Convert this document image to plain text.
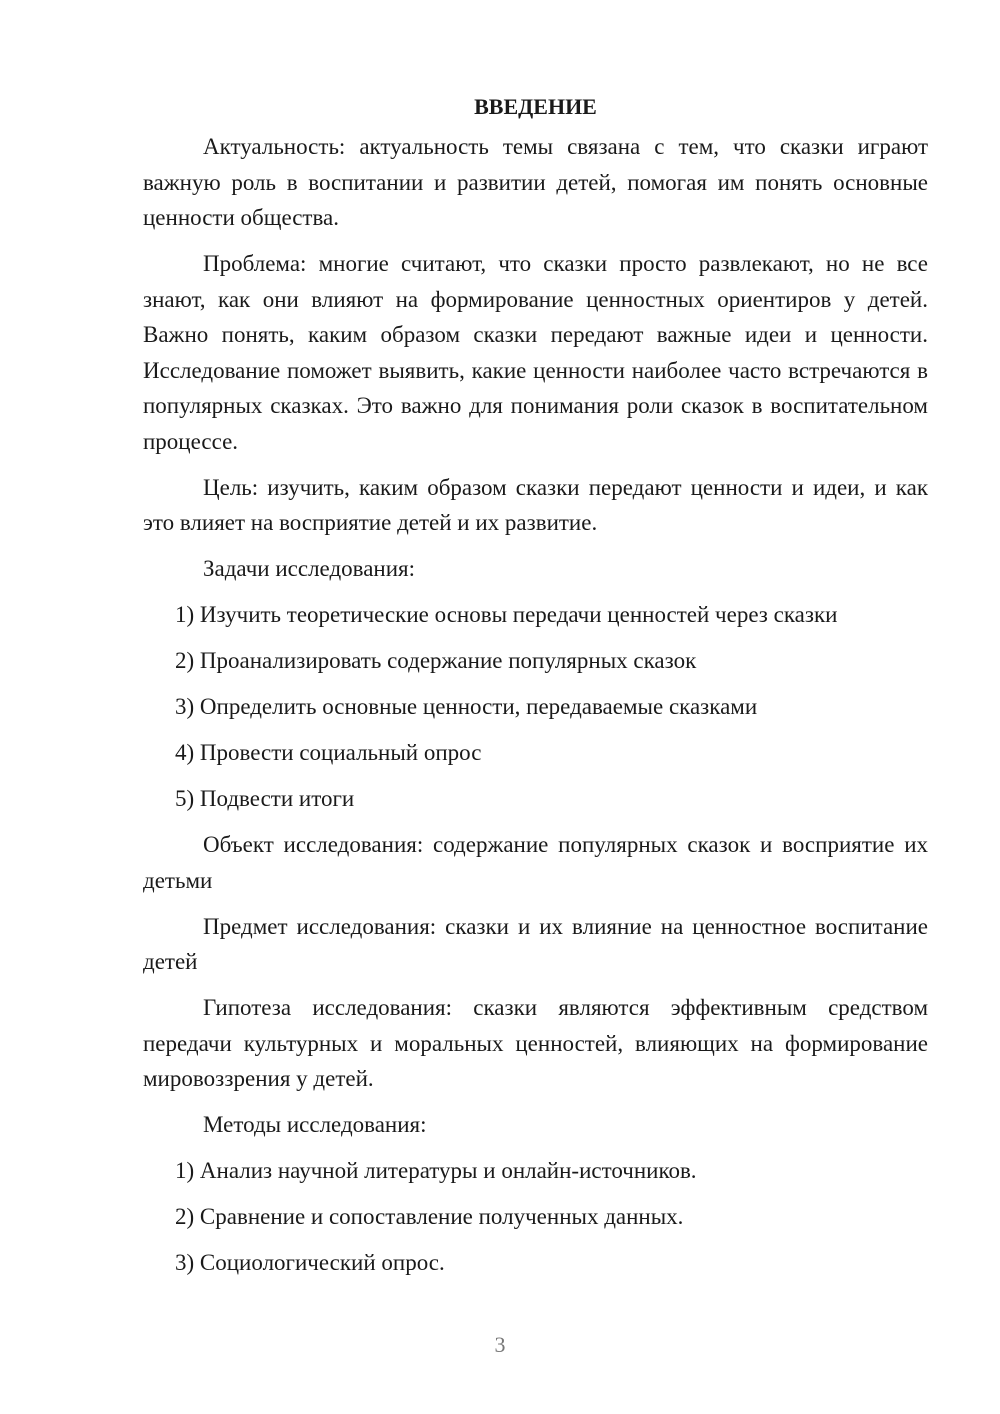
ВВЕДЕНИЕ

Актуальность: актуальность темы связана с тем, что сказки играют важную роль в воспитании и развитии детей, помогая им понять основные ценности общества.

Проблема: многие считают, что сказки просто развлекают, но не все знают, как они влияют на формирование ценностных ориентиров у детей. Важно понять, каким образом сказки передают важные идеи и ценности. Исследование поможет выявить, какие ценности наиболее часто встречаются в популярных сказках. Это важно для понимания роли сказок в воспитательном процессе.

Цель: изучить, каким образом сказки передают ценности и идеи, и как это влияет на восприятие детей и их развитие.

Задачи исследования:

1) Изучить теоретические основы передачи ценностей через сказки

2) Проанализировать содержание популярных сказок

3) Определить основные ценности, передаваемые сказками

4) Провести социальный опрос

5) Подвести итоги

Объект исследования: содержание популярных сказок и восприятие их детьми

Предмет исследования: сказки и их влияние на ценностное воспитание детей

Гипотеза исследования: сказки являются эффективным средством передачи культурных и моральных ценностей, влияющих на формирование мировоззрения у детей.

Методы исследования:

1) Анализ научной литературы и онлайн-источников.

2) Сравнение и сопоставление полученных данных.

3) Социологический опрос.

3
